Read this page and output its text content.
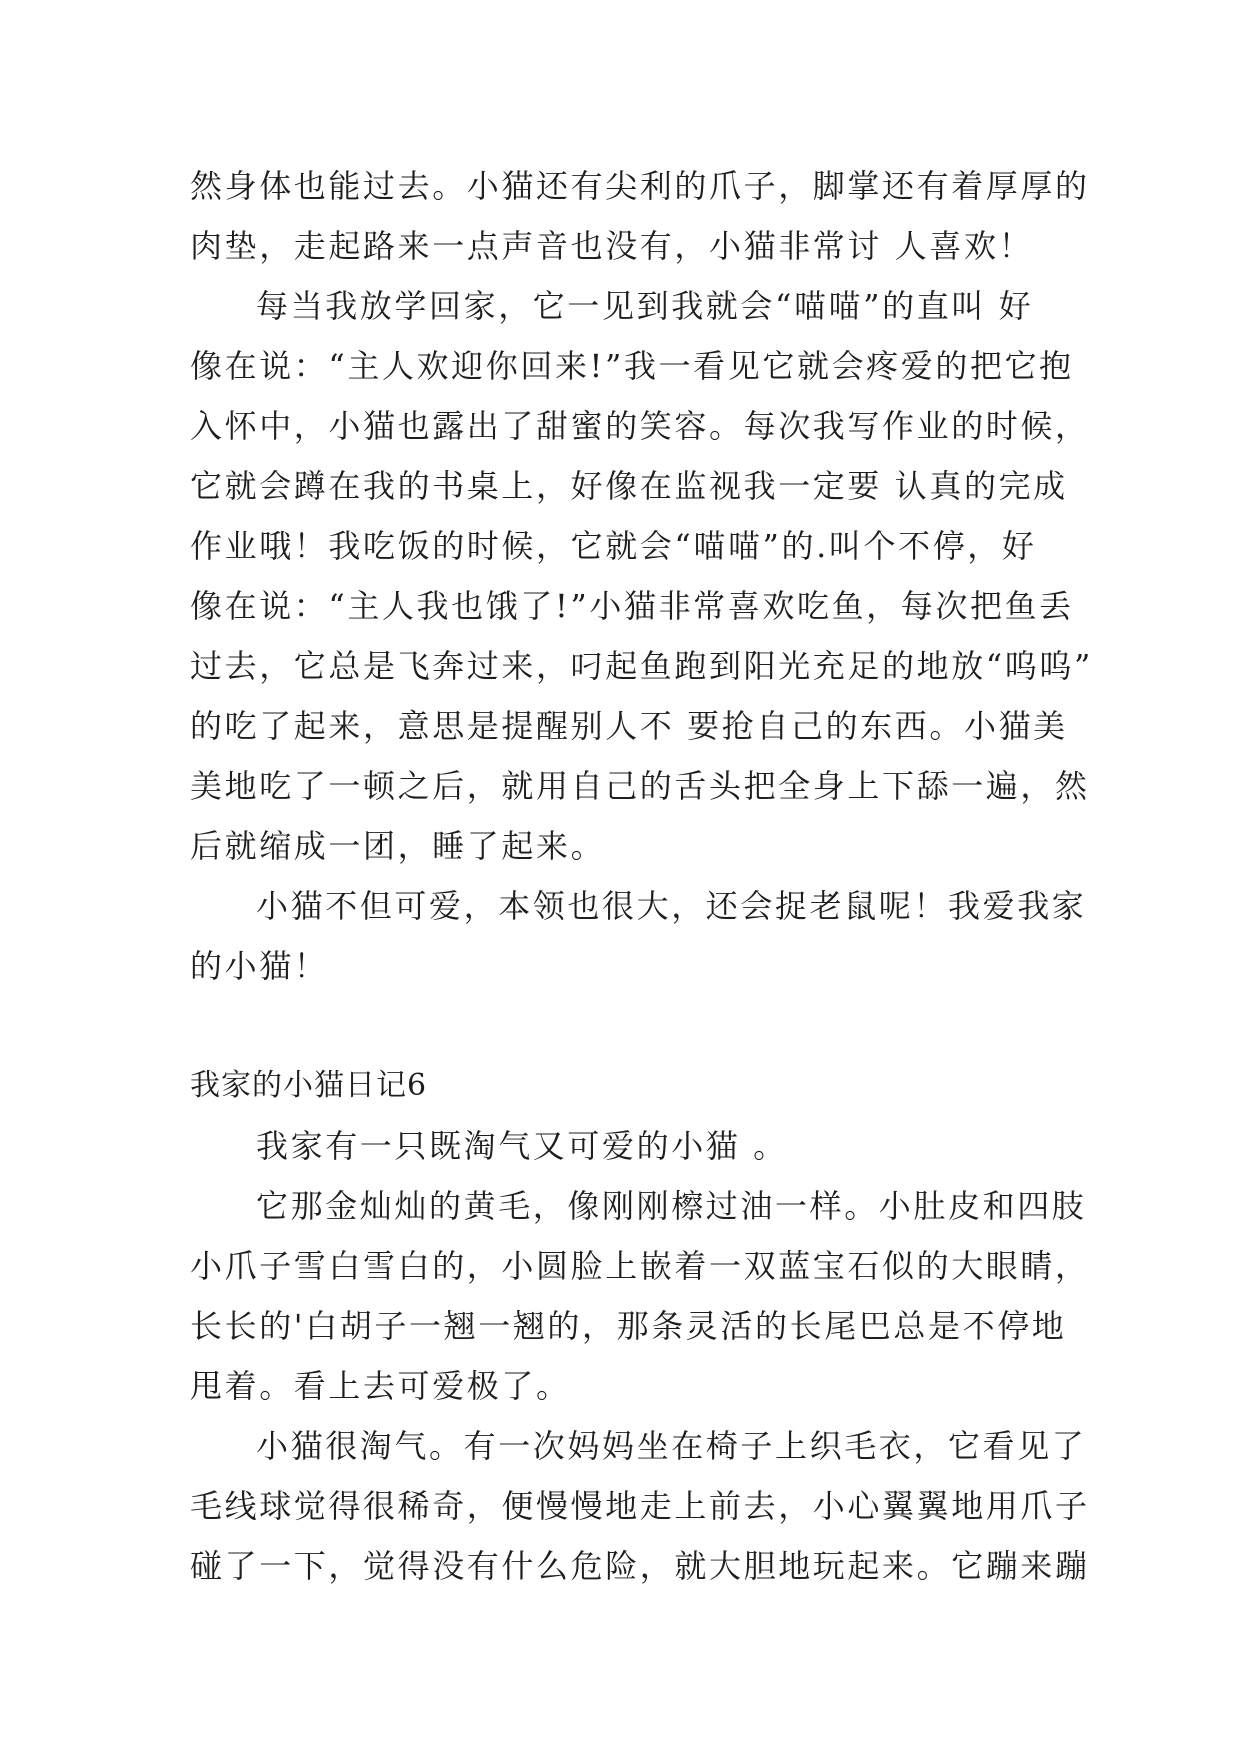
然身体也能过去。小猫还有尖利的爪子，脚掌还有着厚厚的
肉垫，走起路来一点声音也没有，小猫非常讨 人喜欢！
每当我放学回家，它一见到我就会“喵喵”的直叫 好
像在说：“主人欢迎你回来!”我一看见它就会疼爱的把它抱
入怀中，小猫也露出了甜蜜的笑容。每次我写作业的时候，
它就会蹲在我的书桌上，好像在监视我一定要 认真的完成
作业哦！我吃饭的时候，它就会“喵喵”的.叫个不停，好
像在说：“主人我也饿了!”小猫非常喜欢吃鱼，每次把鱼丢
过去，它总是飞奔过来，叼起鱼跑到阳光充足的地放“呜呜”
的吃了起来，意思是提醒别人不 要抢自己的东西。小猫美
美地吃了一顿之后，就用自己的舌头把全身上下舔一遍，然
后就缩成一团，睡了起来。
小猫不但可爱，本领也很大，还会捉老鼠呢！我爱我家
的小猫！
我家的小猫日记6
我家有一只既淘气又可爱的小猫 。
它那金灿灿的黄毛，像刚刚檫过油一样。小肚皮和四肢
小爪子雪白雪白的，小圆脸上嵌着一双蓝宝石似的大眼睛，
长长的'白胡子一翘一翘的，那条灵活的长尾巴总是不停地
甩着。看上去可爱极了。
小猫很淘气。有一次妈妈坐在椅子上织毛衣，它看见了
毛线球觉得很稀奇，便慢慢地走上前去，小心翼翼地用爪子
碰了一下，觉得没有什么危险，就大胆地玩起来。它蹦来蹦
